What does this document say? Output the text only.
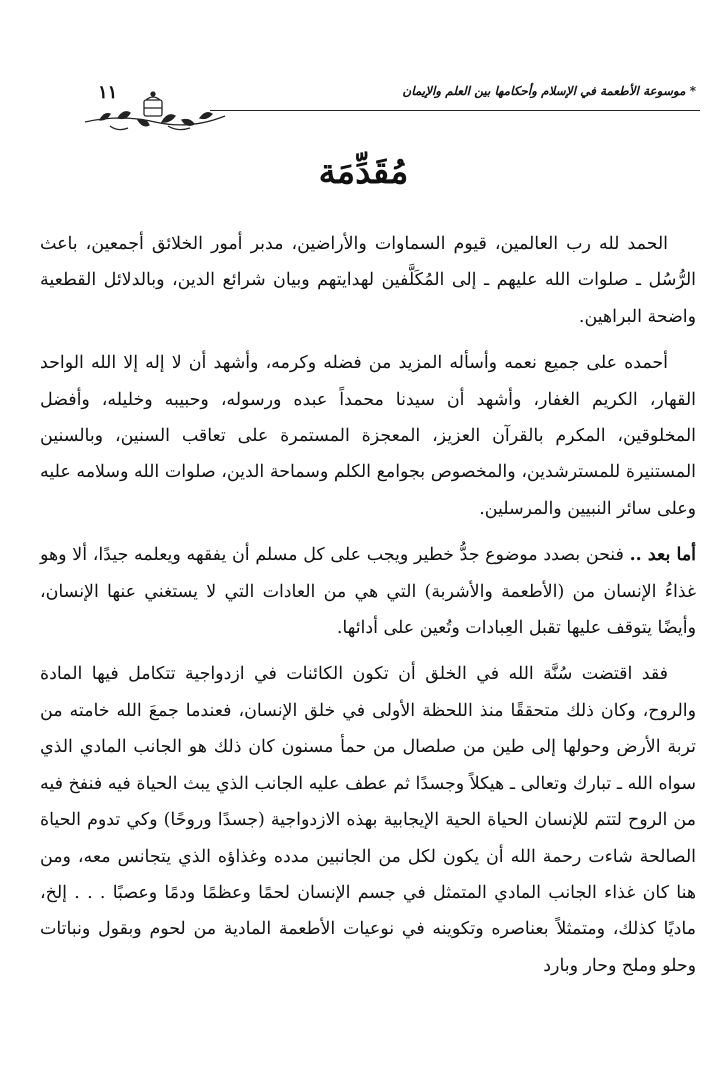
* موسوعة الأطعمة في الإسلام وأحكامها بين العلم والإيمان
١١
مُقَدِّمَة

الحمد لله رب العالمين، قيوم السماوات والأراضين، مدبر أمور الخلائق أجمعين، باعث الرُّسُل ـ صلوات الله عليهم ـ إلى المُكَلَّفين لهدايتهم وبيان شرائع الدين، وبالدلائل القطعية واضحة البراهين.

أحمده على جميع نعمه وأسأله المزيد من فضله وكرمه، وأشهد أن لا إله إلا الله الواحد القهار، الكريم الغفار، وأشهد أن سيدنا محمداً عبده ورسوله، وحبيبه وخليله، وأفضل المخلوقين، المكرم بالقرآن العزيز، المعجزة المستمرة على تعاقب السنين، وبالسنين المستنيرة للمسترشدين، والمخصوص بجوامع الكلم وسماحة الدين، صلوات الله وسلامه عليه وعلى سائر النبيين والمرسلين.

أما بعد .. فنحن بصدد موضوع جدُّ خطير ويجب على كل مسلم أن يفقهه ويعلمه جيدًا، ألا وهو غذاءُ الإنسان من (الأطعمة والأشربة) التي هي من العادات التي لا يستغني عنها الإنسان، وأيضًا يتوقف عليها تقبل العِبادات وتُعين على أدائها.

فقد اقتضت سُنَّة الله في الخلق أن تكون الكائنات في ازدواجية تتكامل فيها المادة والروح، وكان ذلك متحققًا منذ اللحظة الأولى في خلق الإنسان، فعندما جمعَ الله خامته من تربة الأرض وحولها إلى طين من صلصال من حمأ مسنون كان ذلك هو الجانب المادي الذي سواه الله ـ تبارك وتعالى ـ هيكلاً وجسدًا ثم عطف عليه الجانب الذي يبث الحياة فيه فنفخ فيه من الروح لتتم للإنسان الحياة الحية الإيجابية بهذه الازدواجية (جسدًا وروحًا) وكي تدوم الحياة الصالحة شاءت رحمة الله أن يكون لكل من الجانبين مدده وغذاؤه الذي يتجانس معه، ومن هنا كان غذاء الجانب المادي المتمثل في جسم الإنسان لحمًا وعظمًا ودمًا وعصبًا . . . إلخ، ماديًا كذلك، ومتمثلاً بعناصره وتكوينه في نوعيات الأطعمة المادية من لحوم وبقول ونباتات وحلو وملح وحار وبارد
